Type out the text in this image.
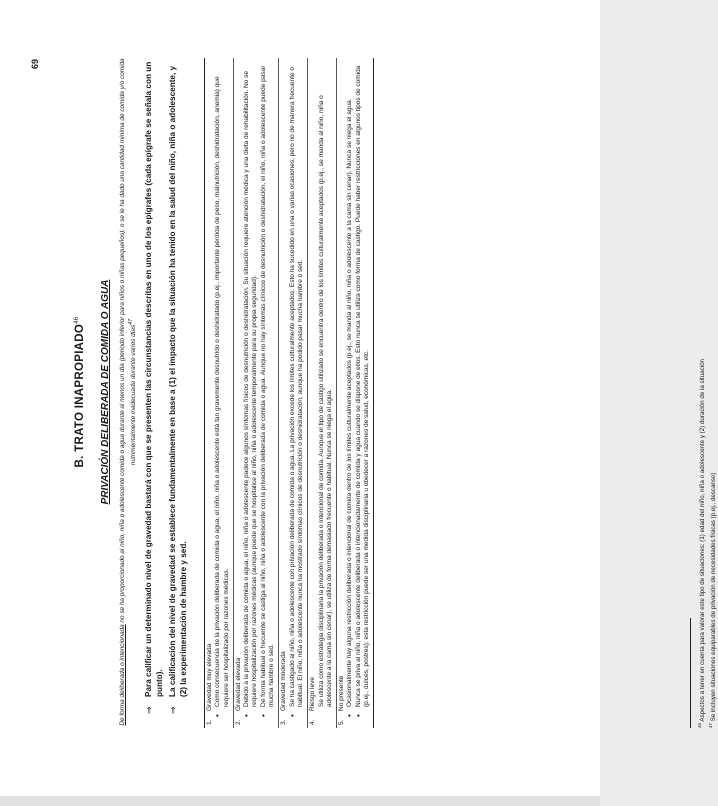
69
B. TRATO INAPROPIADO$^{46}$	PRIVACIÓN DELIBERADA DE COMIDA O AGUA
De forma deliberada o intencionada no se ha proporcionado al niño, niña o adolescente comida o agua durante al menos un día (periodo inferior para niños o niñas pequeños), o se le ha dado una cantidad mínima de comida y/o comida nutrimentalmente inadecuada durante varios días$^{47}$
⇒
Para calificar un determinado nivel de gravedad bastará con que se presenten las circunstancias descritas en uno de los epígrafes (cada epígrafe se señala con un punto).
⇒
La calificación del nivel de gravedad se establece fundamentalmente en base a (1) el impacto que la situación ha tenido en la salud del niño, niña o adolescente, y (2) la experimentación de hambre y sed.
1.
Gravedad muy elevada • Como consecuencia de la privación deliberada de comida o agua, el niño, niña o adolescente está tan gravemente desnutrido o deshidratado (p.ej., importante pérdida de peso, malnutrición, deshidratación, anemia) que requiere ser hospitalizado por razones médicas.
2.
Gravedad elevada • Debido a la privación deliberada de comida o agua, el niño, niña o adolescente padece algunos síntomas físicos de desnutrición o deshidratación. Su situación requiere atención médica y una dieta de rehabilitación. No se requiere hospitalización por razones médicas (aunque puede que se hospitalice al niño, niña o adolescente temporalmente para su propia seguridad). • De forma habitual o frecuente se castiga al niño, niña o adolescente con la privación deliberada de comida o agua. Aunque no hay síntomas clínicos de desnutrición o deshidratación, el niño, niña o adolescente puede pasar mucha hambre o sed.
3.
Gravedad moderada • Se ha castigado al niño, niña o adolescente con privación deliberada de comida o agua. La privación excede los límites culturalmente aceptados. Esto ha sucedido en una o varias ocasiones, pero no de manera frecuente o habitual. El niño, niña o adolescente nunca ha mostrado síntomas clínicos de desnutrición o deshidratación, aunque ha podido pasar mucha hambre o sed.
4.
Riesgo leve Se utiliza como estrategia disciplinaria la privación deliberada o intencional de comida. Aunque el tipo de castigo utilizado se encuentra dentro de los límites culturalmente aceptados (p.ej., se manda al niño, niña o adolescente a la cama sin cenar), se utiliza de forma demasiado frecuente o habitual. Nunca se niega el agua.
5.
No presente • Ocasionalmente hay alguna restricción deliberada o intencional de comida dentro de los límites culturalmente aceptados (p.ej., se manda al niño, niña o adolescente a la cama sin cenar). Nunca se niega el agua. • Nunca se priva al niño, niña o adolescente deliberada o intencionadamente de comida y agua cuando se dispone de ellos. Esto nunca se utiliza como forma de castigo. Puede haber restricciones en algunos tipos de comida (p.ej., dulces, postres); esta restricción puede ser una medida disciplinaria u obedecer a razones de salud, económicas, etc.
$^{46}$ Aspectos a tener en cuenta para valorar este tipo de situaciones: (1) edad del niño, niña o adolescente y (2) duración de la situación
$^{47}$ Se incluyen situaciones equiparables de privación de necesidades físicas (p.ej., descanso)
